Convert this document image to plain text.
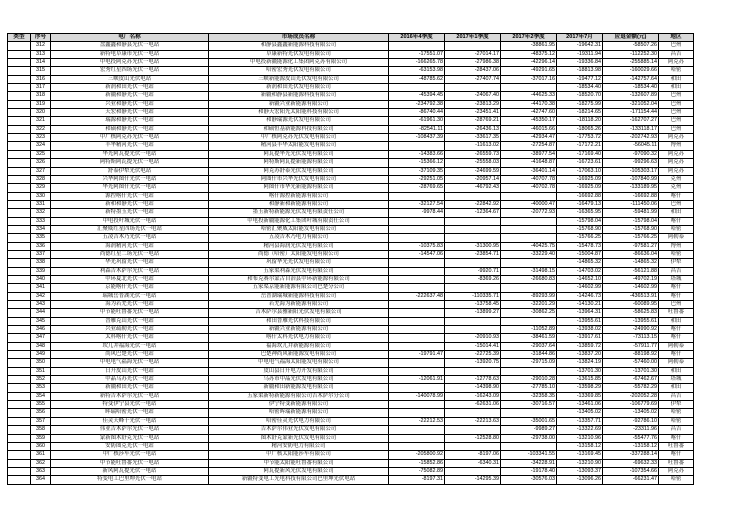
类型	序号	电厂名称	市场成员名称	2016年4季度	2017年1季度	2017年2季度	2017年7月	应退金额(元)	地区
	312	盘鑫鑫和静县光伏一电站	和静县鑫鑫新能源科技有限公司			-38861.95	-19642.31	-58507.26	巴州
	313	新特电阜康市光伏一电站	阜康新特光伏发电有限公司	-17551.07	-27014.17	-48375.12	-19311.94	-112252.30	昌吉
	314	中电投阿克苏光伏一电站	中电投新疆能源化工集团阿克苏有限公司	-166265.78	-27986.38	-42296.14	-19336.84	-255885.14	阿克苏
	315	宏秀红星四场光伏一电站	哈密宏秀光伏发电有限公司	-63153.98	-28437.06	-49291.65	-18813.98	-160029.66	哈密
	316	三峡皮山光伏电站	三峡新能源皮山光伏发电有限公司	-48785.62	-27407.74	-37017.16	-19477.12	-142757.64	和田
	317	新润和田光伏一电站	新润和田光伏发电有限公司				-18534.40	-18534.40	和田
	318	新疆和静光伏一电站	新疆和静县新能源科技有限公司	-45394.45	-24067.40	-44625.33	-18520.70	-132607.89	巴州
	319	兴业和静光伏一电站	新疆兴业新能源有限公司	-234792.38	-23813.29	-44170.38	-18275.99	-321052.04	巴州
	320	天宏和静光伏一电站	和静天宏阳光太阳能科技有限公司	-86740.44	-23451.41	-42747.60	-18214.65	-171154.44	巴州
	321	瑞源和静光伏一电站	和静瑞源光伏发电有限公司	-61961.30	-28769.21	-45350.17	-18118.20	-162707.27	巴州
	322	和硕和静光伏一电站	和硕恒基新能源科技有限公司	-82541.11	-26436.13	-46015.66	-18065.26	-133118.17	巴州
	323	中广核阿克苏光伏一电站	中广核阿克苏光伏发电有限公司	-108437.39	-33617.35	-42934.47	-17753.72	-202742.93	阿克苏
	324	丰华精河光伏一电站	精河县丰华太阳能发电有限公司		-11613.02	-27254.87	-17172.21	-56045.11	博州
	325	华光阿瓦提光伏一电站	阿瓦提华光光伏发电有限公司	-14383.66	-26559.73	-38977.54	-17169.40	-97090.32	阿克苏
	326	阿特斯阿瓦提光伏一电站	阿特斯阿瓦提新能源有限公司	-15366.12	-25558.03	-41648.87	-16723.61	-99296.63	阿克苏
	327	舒泰伊犁光伏电站	阿克苏舒泰光伏发电有限公司	-37109.35	-24699.59	-36401.14	-17063.10	-105303.17	阿克苏
	328	兴华阿图什光伏一电站	阿图什市兴华光伏发电有限公司	-29251.05	-20957.14	-40707.78	-16925.09	-107840.99	克州
	329	华光阿图什光伏一电站	阿图什市华光新能源有限公司	-28769.65	-46792.43	-40702.78	-16925.09	-133189.95	克州
	330	源控喀什光伏一电站	喀什源控新能源有限公司				-16692.88	-16692.88	喀什
	331	新和和静光伏一电站	和静新和新能源有限公司	-32127.54	-22842.92	-40000.47	-16479.13	-111450.06	巴州
	332	新特墨玉光伏一电站	墨玉新特新能源光伏发电有限责任公司	-9978.44	-12364.67	-20772.93	-16365.95	-59481.99	和田
	333	中电投叶城光伏一电站	中电投新疆能源化工集团叶城有限责任公司				-15798.04	-15798.04	喀什
	334	汇聚威红星四场光伏一电站	哈密汇聚威太阳能发电有限公司				-15768.90	-15768.90	哈密
	335	五凌吉木乃光伏一电站	五凌吉木乃电力有限公司				-15766.25	-15766.25	阿勒泰
	336	海润精河光伏一电站	精河县海润光伏发电有限公司	-10375.83	-31300.95	-40425.75	-15478.73	-97581.27	博州
	337	尚德红星二场光伏一电站	尚德（哈密）太阳能发电有限公司	-14547.06	-23854.71	-33229.40	-15004.87	-86636.04	哈密
	338	华光巩留光伏一电站	巩留华光光伏发电有限公司				-14865.32	-14865.32	伊犁
	339	利森吉木萨尔光伏一电站	五家渠利森光伏发电有限公司		-9920.71	-31498.15	-14703.02	-56121.88	昌吉
	340	中环夏北光伏一电站	和布克赛尔蒙古自治县中环新能源有限公司		-8369.26	-26680.83	-14652.10	-49702.19	塔城
	341	京能喀什光伏一电站	五家渠京能新能源有限公司巴楚分公司				-14602.99	-14602.99	喀什
	342	瑞城岳普湖光伏一电站	岳普湖瑞城新能源科技有限公司	-222637.48	-110335.71	-89293.99	-14246.73	-436513.91	喀什
	343	海为若羌光伏一电站	若羌海为新能源有限公司		-13758.45	-32201.29	-14130.21	-60089.95	巴州
	344	中节能吐鲁番光伏一电站	吉木萨尔县雅新阳光伏发电有限公司		-13899.27	-30862.25	-13964.31	-58625.83	吐鲁番
	345	晋雁克山光伏一电站	和田晋雁光伏科技有限公司				-13955.61	-13955.61	和田
	346	兴业疏勒光伏一电站	新疆兴业新能源有限公司			-11052.89	-13938.02	-24990.92	喀什
	347	太科喀什光伏一电站	喀什太科光伏电力有限公司		-20910.93	-38461.59	-13917.61	-73113.15	喀什
	348	坎儿井福海光伏一电站	福海坎儿井新能源有限公司		-15014.41	-29037.64	-13859.72	-57911.77	阿勒泰
	349	尚风巴楚光伏一电站	巴楚神尚风新能源发电有限公司	-19791.47	-22725.39	-31844.86	-13837.20	-88198.92	喀什
	350	中电电气福海光伏一电站	中电电气福海太阳能发电有限公司		-13920.75	-29715.09	-13824.19	-57460.00	阿勒泰
	351	日升皮山光伏一电站	皮山县日升电力开发有限公司				-13701.30	-13701.30	和田
	352	中晶乌苏光伏一电站	乌苏市中晶光伏发电有限公司	-12061.91	-12778.63	-29010.28	-13615.85	-67462.67	塔城
	353	新疆和田光伏一电站	新疆和田新能源发电有限公司		-14398.90	-27785.10	-13598.29	-55782.29	和田
	354	新特吉木萨尔光伏一电站	五家渠新特新能源有限公司吉木萨尔分公司	-140078.99	-16243.09	-32358.35	-13369.85	-202052.28	昌吉
	355	特变伊宁县光伏一电站	伊宁特变新能源有限公司		-62631.06	-30716.57	-13461.06	-106779.69	伊犁
	356	晖瑞哈密光伏一电站	哈密晖瑞新能源有限公司				-13405.02	-13405.02	哈密
	357	佳灵天峰十光伏一电站	哈密佳灵光伏电力有限公司	-22212.53	-22213.63	-35001.65	-13357.71	-92786.10	哈密
	358	伟业吉木萨尔光伏一电站	吉木萨尔伟业光伏发电有限公司			-9989.27	-13322.69	-23311.96	昌吉
	359	蒙新图木舒克光伏一电站	图木舒克蒙新光伏发电有限公司		-12528.80	-29738.00	-13210.96	-55477.76	喀什
	360	安防图克光伏一电站	精河安防电力有限公司				-13158.12	-13158.12	吐鲁番
	361	中广核莎车光伏一电站	中广核太阳能莎车有限公司	-205800.92	-8197.06	-103341.55	-13169.45	-337288.14	喀什
	362	中节能吐鲁番光伏一电站	中节能太阳能吐鲁番有限公司	-15852.86	-6340.31	-34228.91	-13210.90	-69632.33	吐鲁番
	363	新风阿瓦提光伏一电站	阿瓦提新风光伏发电有限公司	-75082.89		-19178.40	-13093.37	-107354.66	阿克苏
	364	特变电工巴里坤光伏一电站	新疆特变电工光电科技有限公司巴里坤光伏电站	-8197.31	-14295.39	-30576.03	-13096.26	-66231.47	哈密
